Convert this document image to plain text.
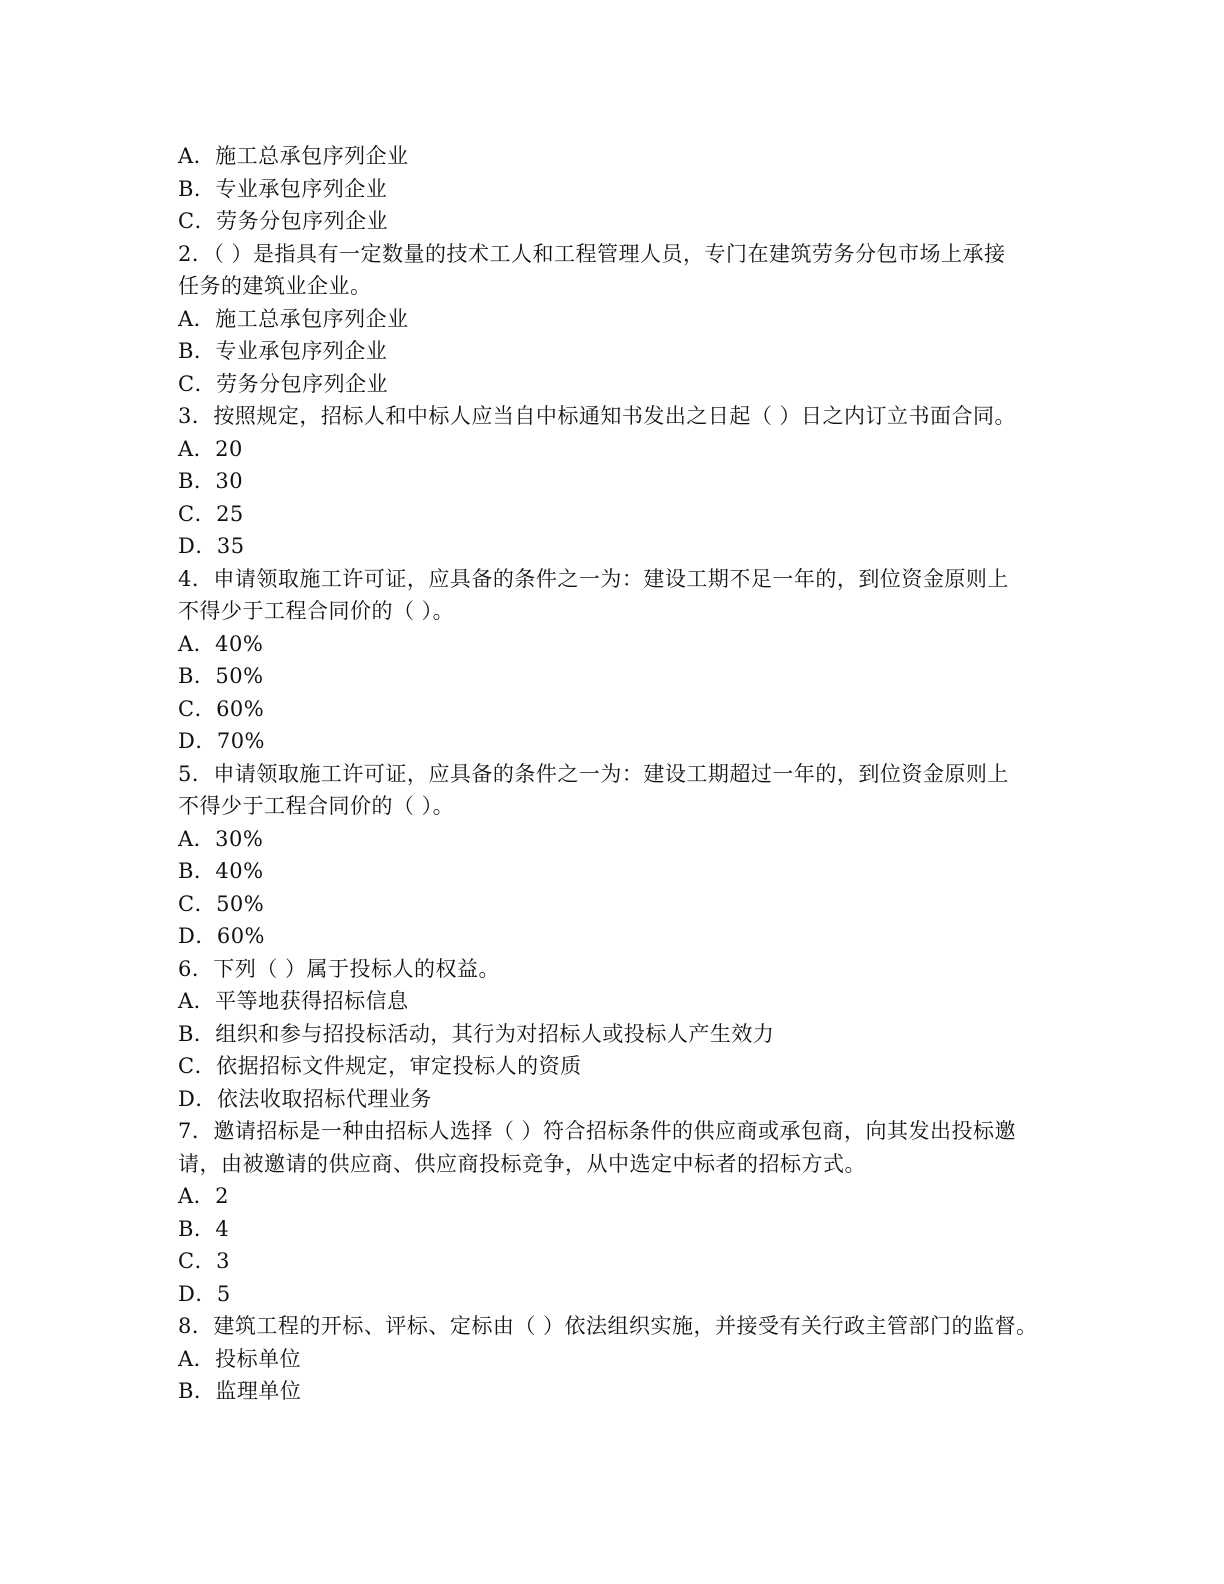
A．施工总承包序列企业
B．专业承包序列企业
C．劳务分包序列企业
2．（ ）是指具有一定数量的技术工人和工程管理人员，专门在建筑劳务分包市场上承接
任务的建筑业企业。
A．施工总承包序列企业
B．专业承包序列企业
C．劳务分包序列企业
3．按照规定，招标人和中标人应当自中标通知书发出之日起（ ）日之内订立书面合同。
A．20
B．30
C．25
D．35
4．申请领取施工许可证，应具备的条件之一为：建设工期不足一年的，到位资金原则上
不得少于工程合同价的（ ）。
A．40%
B．50%
C．60%
D．70%
5．申请领取施工许可证，应具备的条件之一为：建设工期超过一年的，到位资金原则上
不得少于工程合同价的（ ）。
A．30%
B．40%
C．50%
D．60%
6．下列（ ）属于投标人的权益。
A．平等地获得招标信息
B．组织和参与招投标活动，其行为对招标人或投标人产生效力
C．依据招标文件规定，审定投标人的资质
D．依法收取招标代理业务
7．邀请招标是一种由招标人选择（ ）符合招标条件的供应商或承包商，向其发出投标邀
请，由被邀请的供应商、供应商投标竞争，从中选定中标者的招标方式。
A．2
B．4
C．3
D．5
8．建筑工程的开标、评标、定标由（ ）依法组织实施，并接受有关行政主管部门的监督。
A．投标单位
B．监理单位
